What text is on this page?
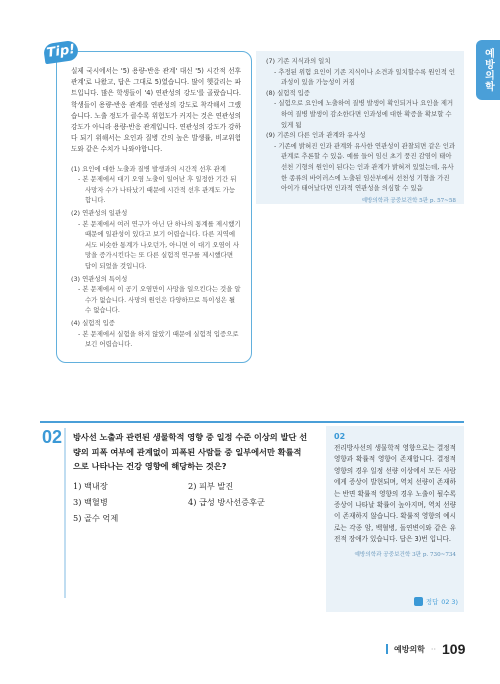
예방의학
실제 국시에서는 '5) 용량-반응 관계' 대신 '5) 시간적 선후 관계'로 나왔고, 답은 그대로 5)였습니다. 많이 헷갈리는 파트입니다. 많은 학생들이 '4) 연관성의 강도'를 골랐습니다. 학생들이 용량-반응 관계를 연관성의 강도로 착각해서 그랬습니다. 노출 정도가 클수록 위험도가 커지는 것은 연관성의 강도가 아니라 용량-반응 관계입니다. 연관성의 강도가 강하다 되기 위해서는 요인과 질병 간의 높은 발생률, 비교위험도와 같은 수치가 나와야합니다.
(1) 요인에 대한 노출과 질병 발생과의 시간적 선후 관계
- 본 문제에서 대기 오염 노출이 일어난 후 일정한 기간 뒤 사망자 수가 나타났기 때문에 시간적 선후 관계도 가능합니다.
(2) 연관성의 일관성
- 본 문제에서 여러 연구가 아닌 단 하나의 통계를 제시했기 때문에 일관성이 있다고 보기 어렵습니다. 다른 지역에서도 비슷한 통계가 나오던가, 아니면 이 대기 오염이 사망을 증가시킨다는 또 다른 실험적 연구를 제시했다면 답이 되었을 것입니다.
(3) 연관성의 특이성
- 본 문제에서 이 공기 오염만이 사망을 일으킨다는 것을 알 수가 없습니다. 사망의 원인은 다양하므로 특이성은 될 수 없습니다.
(4) 실험적 입증
- 본 문제에서 실험을 하지 않았기 때문에 실험적 입증으로 보긴 어렵습니다.
Tip!
(7) 기존 지식과의 일치
- 추정된 위험 요인이 기존 지식이나 소견과 일치할수록 원인적 인과성이 있을 가능성이 커짐
(8) 실험적 입증
- 실험으로 요인에 노출하여 질병 발생이 확인되거나 요인을 제거하여 질병 발생이 감소한다면 인과성에 대한 확증을 확보할 수 있게 됨
(9) 기존의 다른 인과 관계와 유사성
- 기존에 밝혀진 인과 관계와 유사한 연관성이 관찰되면 같은 인과 관계로 추론할 수 있음. 예를 들어 임신 초기 풍진 감염이 태아 선천 기형의 원인이 된다는 인과 관계가 밝혀져 있었는데, 유사한 종류의 바이러스에 노출된 임산부에서 선천성 기형을 가진 아이가 태어났다면 인과적 연관성을 의심할 수 있음
예방의학과 공중보건학 5판 p. 57~58
02 방사선 노출과 관련된 생물학적 영향 중 일정 수준 이상의 발단 선량의 피폭 여부에 관계없이 피폭된 사람들 중 일부에서만 확률적으로 나타나는 건강 영향에 해당하는 것은?
1) 백내장	2) 피부 발진
3) 백혈병	4) 급성 방사선증후군
5) 골수 억제
02
전리방사선의 생물학적 영향으로는 결정적 영향과 확률적 영향이 존재합니다. 결정적 영향의 경우 일정 선량 이상에서 모든 사람에게 증상이 발현되며, 역치 선량이 존재하는 반면 확률적 영향의 경우 노출이 될수록 증상이 나타날 확률이 높아지며, 역치 선량이 존재하지 않습니다. 확률적 영향의 예시로는 각종 암, 백혈병, 돌연변이와 같은 유전적 장애가 있습니다. 답은 3)번 입니다.
예방의학과 공중보건학 3판 p. 730~734
정답 02 3)
예방의학 ·· 109
